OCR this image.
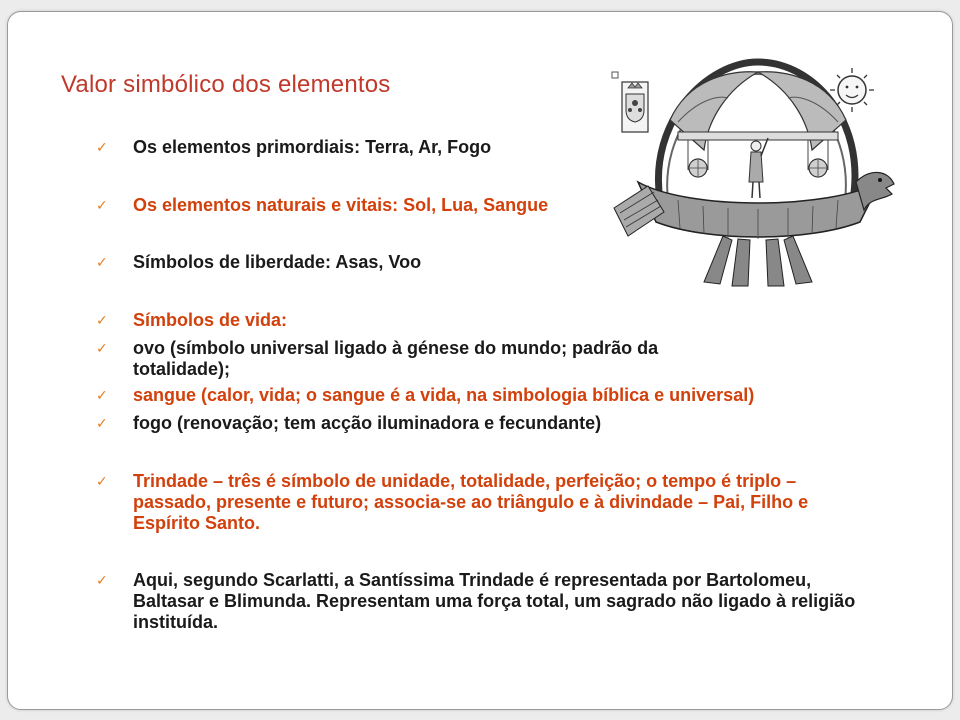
Valor simbólico dos elementos
✓ Os elementos primordiais: Terra, Ar, Fogo
✓ Os elementos naturais e vitais: Sol, Lua, Sangue
✓ Símbolos de liberdade: Asas, Voo
✓ Símbolos de vida:
✓ ovo (símbolo universal ligado à génese do mundo; padrão da totalidade);
✓ sangue (calor, vida; o sangue é a vida, na simbologia bíblica e universal)
✓ fogo (renovação; tem acção iluminadora e fecundante)
✓ Trindade – três é símbolo de unidade, totalidade, perfeição; o tempo é triplo – passado, presente e futuro; associa-se ao triângulo e à divindade – Pai, Filho e Espírito Santo.
✓ Aqui, segundo Scarlatti, a Santíssima Trindade é representada por Bartolomeu, Baltasar e Blimunda. Representam uma força total, um sagrado não ligado à religião instituída.
